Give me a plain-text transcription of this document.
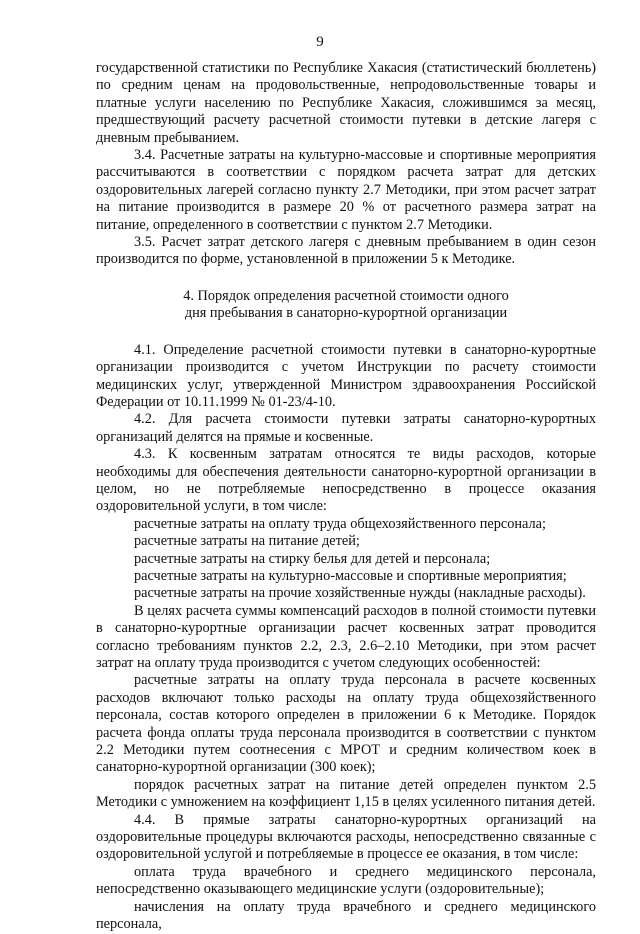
9

государственной статистики по Республике Хакасия (статистический бюллетень) по средним ценам на продовольственные, непродовольственные товары и платные услуги населению по Республике Хакасия, сложившимся за месяц, предшествующий расчету расчетной стоимости путевки в детские лагеря с дневным пребыванием.

3.4. Расчетные затраты на культурно-массовые и спортивные мероприятия рассчитываются в соответствии с порядком расчета затрат для детских оздоровительных лагерей согласно пункту 2.7 Методики, при этом расчет затрат на питание производится в размере 20 % от расчетного размера затрат на питание, определенного в соответствии с пунктом 2.7 Методики.

3.5. Расчет затрат детского лагеря с дневным пребыванием в один сезон производится по форме, установленной в приложении 5 к Методике.

4. Порядок определения расчетной стоимости одного
дня пребывания в санаторно-курортной организации

4.1. Определение расчетной стоимости путевки в санаторно-курортные организации производится с учетом Инструкции по расчету стоимости медицинских услуг, утвержденной Министром здравоохранения Российской Федерации от 10.11.1999 № 01-23/4-10.

4.2. Для расчета стоимости путевки затраты санаторно-курортных организаций делятся на прямые и косвенные.

4.3. К косвенным затратам относятся те виды расходов, которые необходимы для обеспечения деятельности санаторно-курортной организации в целом, но не потребляемые непосредственно в процессе оказания оздоровительной услуги, в том числе:

расчетные затраты на оплату труда общехозяйственного персонала;

расчетные затраты на питание детей;

расчетные затраты на стирку белья для детей и персонала;

расчетные затраты на культурно-массовые и спортивные мероприятия;

расчетные затраты на прочие хозяйственные нужды (накладные расходы).

В целях расчета суммы компенсаций расходов в полной стоимости путевки в санаторно-курортные организации расчет косвенных затрат проводится согласно требованиям пунктов 2.2, 2.3, 2.6–2.10 Методики, при этом расчет затрат на оплату труда производится с учетом следующих особенностей:

расчетные затраты на оплату труда персонала в расчете косвенных расходов включают только расходы на оплату труда общехозяйственного персонала, состав которого определен в приложении 6 к Методике. Порядок расчета фонда оплаты труда персонала производится в соответствии с пунктом 2.2 Методики путем соотнесения с МРОТ и средним количеством коек в санаторно-курортной организации (300 коек);

порядок расчетных затрат на питание детей определен пунктом 2.5 Методики с умножением на коэффициент 1,15 в целях усиленного питания детей.

4.4. В прямые затраты санаторно-курортных организаций на оздоровительные процедуры включаются расходы, непосредственно связанные с оздоровительной услугой и потребляемые в процессе ее оказания, в том числе:

оплата труда врачебного и среднего медицинского персонала, непосредственно оказывающего медицинские услуги (оздоровительные);

начисления на оплату труда врачебного и среднего медицинского персонала,
